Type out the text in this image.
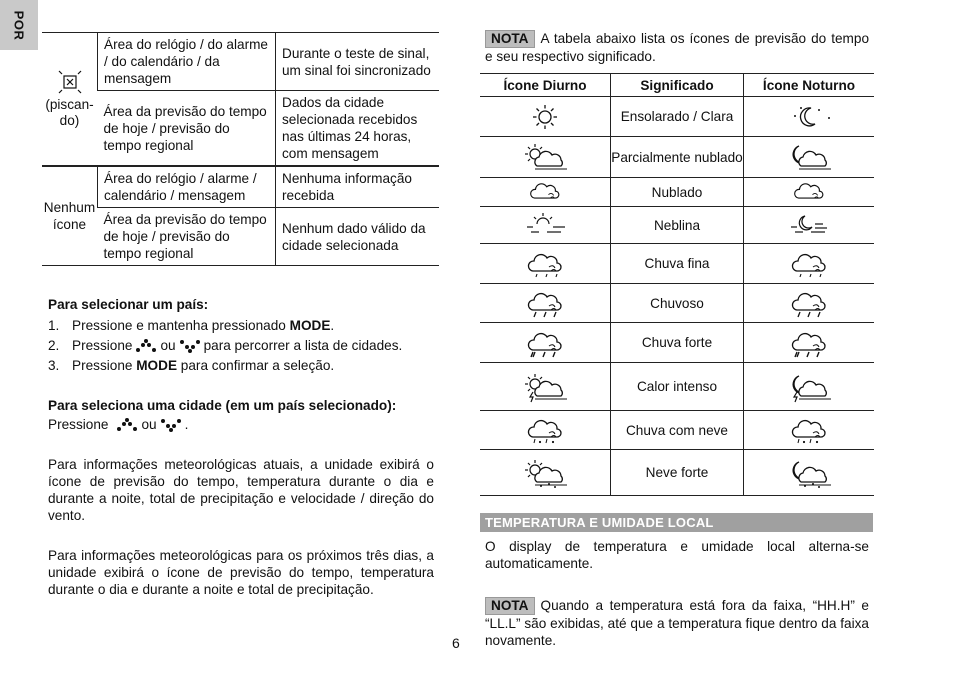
POR
(piscan-do)	Área do relógio / do alarme / do calendário / da mensagem	Durante o teste de sinal, um sinal foi sincronizado
	Área da previsão do tempo de hoje / previsão do tempo regional	Dados da cidade selecionada recebidos nas últimas 24 horas, com mensagem

Nenhum ícone	Área do relógio / alarme / calendário / mensagem	Nenhuma informação recebida
	Área da previsão do tempo de hoje / previsão do tempo regional	Nenhum dado válido da cidade selecionada

Para selecionar um país:

1. Pressione e mantenha pressionado MODE.
2. Pressione ou para percorrer a lista de cidades.
3. Pressione MODE para confirmar a seleção.

Para seleciona uma cidade (em um país selecionado):

Pressione ou .

Para informações meteorológicas atuais, a unidade exibirá o ícone de previsão do tempo, temperatura durante o dia e durante a noite, total de precipitação e velocidade / direção do vento.
Para informações meteorológicas para os próximos três dias, a unidade exibirá o ícone de previsão do tempo, temperatura durante o dia e durante a noite e total de precipitação.
6
NOTA A tabela abaixo lista os ícones de previsão do tempo e seu respectivo significado.
Ícone Diurno	Significado	Ícone Noturno

	Ensolarado / Clara	

	Parcialmente nublado	

	Nublado	

	Neblina	

	Chuva fina	

	Chuvoso	

	Chuva forte	

	Calor intenso	

	Chuva com neve	

	Neve forte	
TEMPERATURA E UMIDADE LOCAL
O display de temperatura e umidade local alterna-se automaticamente.
NOTA Quando a temperatura está fora da faixa, “HH.H” e “LL.L” são exibidas, até que a temperatura fique dentro da faixa novamente.
